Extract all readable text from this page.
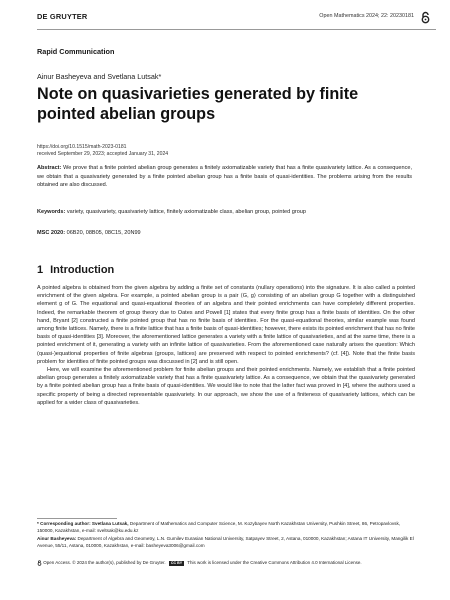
DE GRUYTER	Open Mathematics 2024; 22: 20230181
Rapid Communication
Ainur Basheyeva and Svetlana Lutsak*
Note on quasivarieties generated by finite pointed abelian groups
https://doi.org/10.1515/math-2023-0181
received September 29, 2023; accepted January 31, 2024
Abstract: We prove that a finite pointed abelian group generates a finitely axiomatizable variety that has a finite quasivariety lattice. As a consequence, we obtain that a quasivariety generated by a finite pointed abelian group has a finite basis of quasi-identities. The problems arising from the results obtained are also discussed.
Keywords: variety, quasivariety, quasivariety lattice, finitely axiomatizable class, abelian group, pointed group
MSC 2020: 06B20, 08B05, 08C15, 20N99
1 Introduction

A pointed algebra is obtained from the given algebra by adding a finite set of constants (nullary operations) into the signature. It is also called a pointed enrichment of the given algebra. For example, a pointed abelian group is a pair ⟨G, g⟩ consisting of an abelian group G together with a distinguished element g of G. The equational and quasi-equational theories of an algebra and their pointed enrichments can have completely different properties. Indeed, the remarkable theorem of group theory due to Oates and Powell [1] states that every finite group has a finite basis of identities. On the other hand, Bryant [2] constructed a finite pointed group that has no finite basis of identities. For the quasi-equational theories, similar example was found among finite lattices. Namely, there is a finite lattice that has a finite basis of quasi-identities; however, there exists its pointed enrichment that has no finite basis of quasi-identities [3]. Moreover, the aforementioned lattice generates a variety with a finite lattice of quasivarieties, and at the same time, there is a pointed enrichment of it, generating a variety with an infinite lattice of quasivarieties. From the aforementioned case naturally arises the question: Which (quasi-)equational properties of finite algebras (groups, lattices) are preserved with respect to pointed enrichments? (cf. [4]). Note that the finite basis problem for identities of finite pointed groups was discussed in [2] and is still open.

Here, we will examine the aforementioned problem for finite abelian groups and their pointed enrichments. Namely, we establish that a finite pointed abelian group generates a finitely axiomatizable variety that has a finite quasivariety lattice. As a consequence, we obtain that the quasivariety generated by a finite pointed abelian group has a finite basis of quasi-identities. We would like to note that the latter fact was proved in [4], where the authors used a specific property of being a directed representable quasivariety. In our approach, we show the use of a finiteness of quasivariety lattices, which can be applied for a wider class of quasivarieties.

* Corresponding author: Svetlana Lutsak, Department of Mathematics and Computer Science, M. Kozybayev North Kazakhstan University, Pushkin Street, 86, Petropavlovsk, 150000, Kazakhstan, e-mail: sveltsak@ku.edu.kz
Ainur Basheyeva: Department of Algebra and Geometry, L.N. Gumilev Eurasian National University, Satpayev Street, 2, Astana, 010000, Kazakhstan; Astana IT University, Mangilik El Avenue, 55/11, Astana, 010000, Kazakhstan, e-mail: basheyeva3006@gmail.com
Open Access. © 2024 the author(s), published by De Gruyter. CC BY This work is licensed under the Creative Commons Attribution 4.0 International License.
